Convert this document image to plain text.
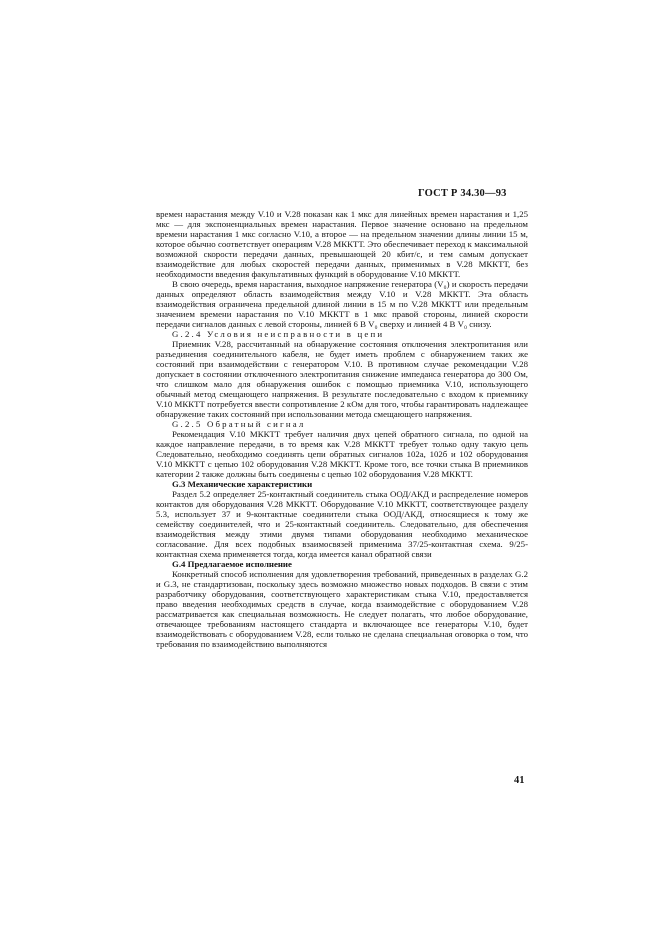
ГОСТ Р 34.30—93

времен нарастания между V.10 и V.28 показан как 1 мкс для линейных времен нарастания и 1,25 мкс — для экспоненциальных времен нарастания. Первое значение основано на предельном времени нарастания 1 мкс согласно V.10, а второе — на предельном значении длины линии 15 м, которое обычно соответствует операциям V.28 МККТТ. Это обеспечивает переход к максимальной возможной скорости передачи данных, превышающей 20 кбит/с, и тем самым допускает взаимодействие для любых скоростей передачи данных, применимых в V.28 МККТТ, без необходимости введения факультативных функций в оборудование V.10 МККТТ.

В свою очередь, время нарастания, выходное напряжение генератора (V₀) и скорость передачи данных определяют область взаимодействия между V.10 и V.28 МККТТ. Эта область взаимодействия ограничена предельной длиной линии в 15 м по V.28 МККТТ или предельным значением времени нарастания по V.10 МККТТ в 1 мкс правой стороны, линией скорости передачи сигналов данных с левой стороны, линией 6 В V₀ сверху и линией 4 В V₀ снизу.

G.2.4 Условия неисправности в цепи

Приемник V.28, рассчитанный на обнаружение состояния отключения электропитания или разъединения соединительного кабеля, не будет иметь проблем с обнаружением таких же состояний при взаимодействии с генератором V.10. В противном случае рекомендации V.28 допускает в состоянии отключенного электропитания снижение импеданса генератора до 300 Ом, что слишком мало для обнаружения ошибок с помощью приемника V.10, использующего обычный метод смещающего напряжения. В результате последовательно с входом к приемнику V.10 МККТТ потребуется ввести сопротивление 2 кОм для того, чтобы гарантировать надлежащее обнаружение таких состояний при использовании метода смещающего напряжения.

G.2.5 Обратный сигнал

Рекомендация V.10 МККТТ требует наличия двух цепей обратного сигнала, по одной на каждое направление передачи, в то время как V.28 МККТТ требует только одну такую цепь Следовательно, необходимо соединять цепи обратных сигналов 102а, 102б и 102 оборудования V.10 МККТТ с цепью 102 оборудования V.28 МККТТ. Кроме того, все точки стыка В приемников категории 2 также должны быть соединены с цепью 102 оборудования V.28 МККТТ.

G.3 Механические характеристики

Раздел 5.2 определяет 25-контактный соединитель стыка ООД/АКД и распределение номеров контактов для оборудования V.28 МККТТ. Оборудование V.10 МККТТ, соответствующее разделу 5.3, использует 37 и 9-контактные соединители стыка ООД/АКД, относящиеся к тому же семейству соединителей, что и 25-контактный соединитель. Следовательно, для обеспечения взаимодействия между этими двумя типами оборудования необходимо механическое согласование. Для всех подобных взаимосвязей применима 37/25-контактная схема. 9/25-контактная схема применяется тогда, когда имеется канал обратной связи

G.4 Предлагаемое исполнение

Конкретный способ исполнения для удовлетворения требований, приведенных в разделах G.2 и G.3, не стандартизован, поскольку здесь возможно множество новых подходов. В связи с этим разработчику оборудования, соответствующего характеристикам стыка V.10, предоставляется право введения необходимых средств в случае, когда взаимодействие с оборудованием V.28 рассматривается как специальная возможность. Не следует полагать, что любое оборудование, отвечающее требованиям настоящего стандарта и включающее все генераторы V.10, будет взаимодействовать с оборудованием V.28, если только не сделана специальная оговорка о том, что требования по взаимодействию выполняются

41
